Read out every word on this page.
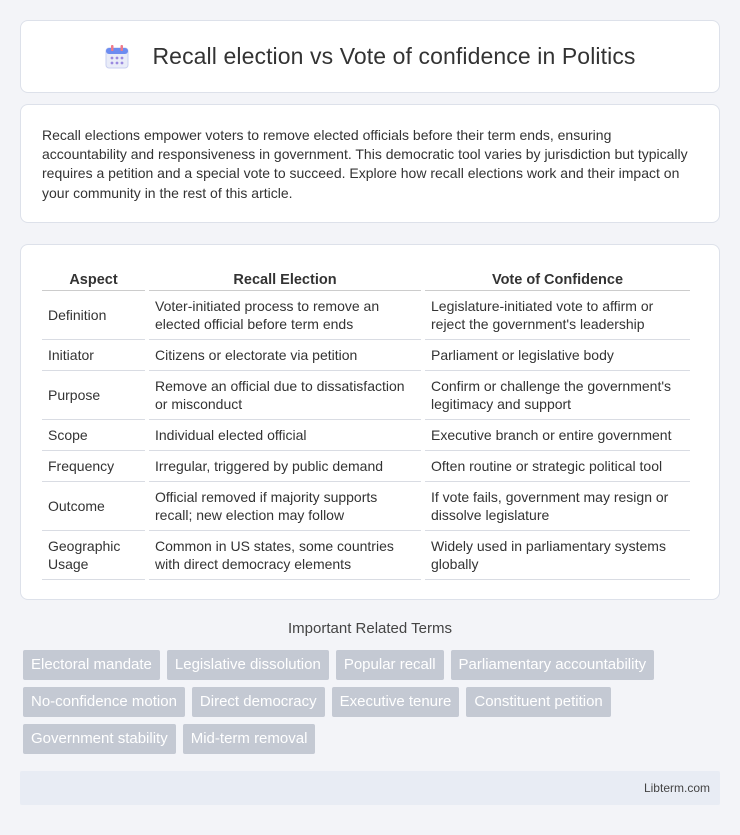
Recall election vs Vote of confidence in Politics

Recall elections empower voters to remove elected officials before their term ends, ensuring accountability and responsiveness in government. This democratic tool varies by jurisdiction but typically requires a petition and a special vote to succeed. Explore how recall elections work and their impact on your community in the rest of this article.

Aspect	Recall Election	Vote of Confidence
Definition	Voter-initiated process to remove an elected official before term ends	Legislature-initiated vote to affirm or reject the government's leadership
Initiator	Citizens or electorate via petition	Parliament or legislative body
Purpose	Remove an official due to dissatisfaction or misconduct	Confirm or challenge the government's legitimacy and support
Scope	Individual elected official	Executive branch or entire government
Frequency	Irregular, triggered by public demand	Often routine or strategic political tool
Outcome	Official removed if majority supports recall; new election may follow	If vote fails, government may resign or dissolve legislature
Geographic Usage	Common in US states, some countries with direct democracy elements	Widely used in parliamentary systems globally
Important Related Terms
Electoral mandate	Legislative dissolution	Popular recall	Parliamentary accountability
No-confidence motion	Direct democracy	Executive tenure	Constituent petition
Government stability	Mid-term removal
Libterm.com
